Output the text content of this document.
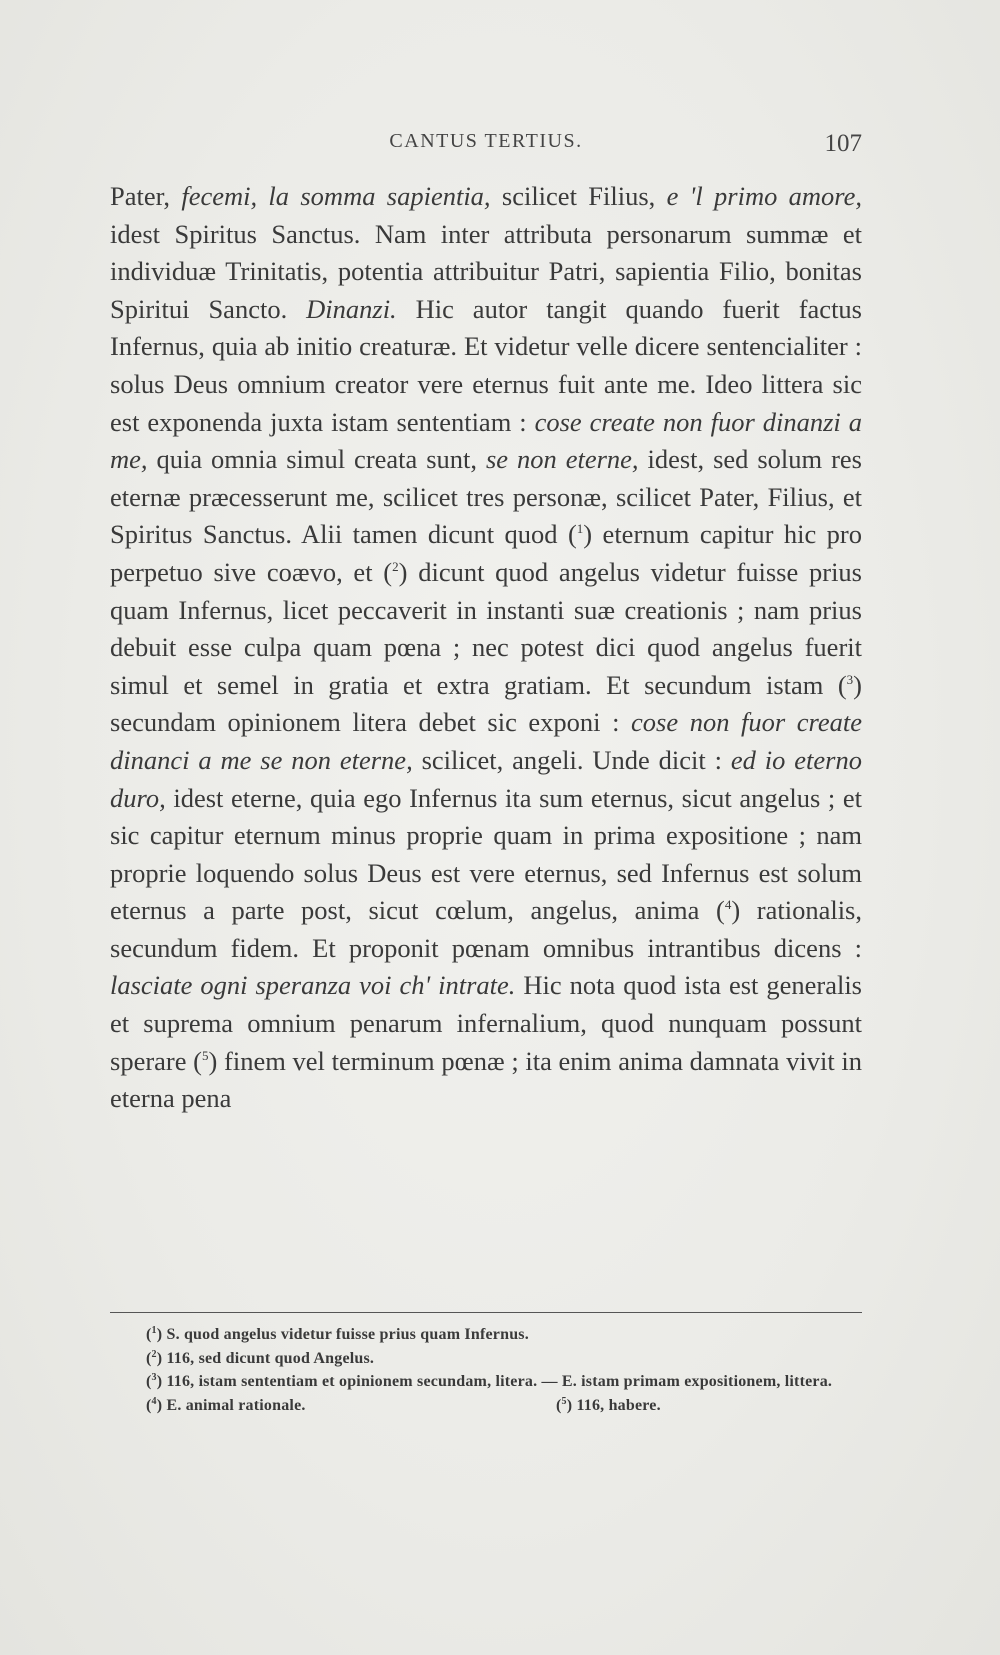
CANTUS TERTIUS.	107

Pater, fecemi, la somma sapientia, scilicet Filius, e 'l primo amore, idest Spiritus Sanctus. Nam inter attributa personarum summæ et individuæ Trinitatis, potentia attribuitur Patri, sapientia Filio, bonitas Spiritui Sancto. Dinanzi. Hic autor tangit quando fuerit factus Infernus, quia ab initio creaturæ. Et videtur velle dicere sentencialiter : solus Deus omnium creator vere eternus fuit ante me. Ideo littera sic est exponenda juxta istam sententiam : cose create non fuor dinanzi a me, quia omnia simul creata sunt, se non eterne, idest, sed solum res eternæ præcesserunt me, scilicet tres personæ, scilicet Pater, Filius, et Spiritus Sanctus. Alii tamen dicunt quod ($^1$) eternum capitur hic pro perpetuo sive coævo, et ($^2$) dicunt quod angelus videtur fuisse prius quam Infernus, licet peccaverit in instanti suæ creationis ; nam prius debuit esse culpa quam pœna ; nec potest dici quod angelus fuerit simul et semel in gratia et extra gratiam. Et secundum istam ($^3$) secundam opinionem litera debet sic exponi : cose non fuor create dinanci a me se non eterne, scilicet, angeli. Unde dicit : ed io eterno duro, idest eterne, quia ego Infernus ita sum eternus, sicut angelus ; et sic capitur eternum minus proprie quam in prima expositione ; nam proprie loquendo solus Deus est vere eternus, sed Infernus est solum eternus a parte post, sicut cœlum, angelus, anima ($^4$) rationalis, secundum fidem. Et proponit pœnam omnibus intrantibus dicens : lasciate ogni speranza voi ch' intrate. Hic nota quod ista est generalis et suprema omnium penarum infernalium, quod nunquam possunt sperare ($^5$) finem vel terminum pœnæ ; ita enim anima damnata vivit in eterna pena

($^1$) S. quod angelus videtur fuisse prius quam Infernus.
($^2$) 116, sed dicunt quod Angelus.
($^3$) 116, istam sententiam et opinionem secundam, litera. — E. istam primam expositionem, littera.
($^4$) E. animal rationale.	($^5$) 116, habere.
